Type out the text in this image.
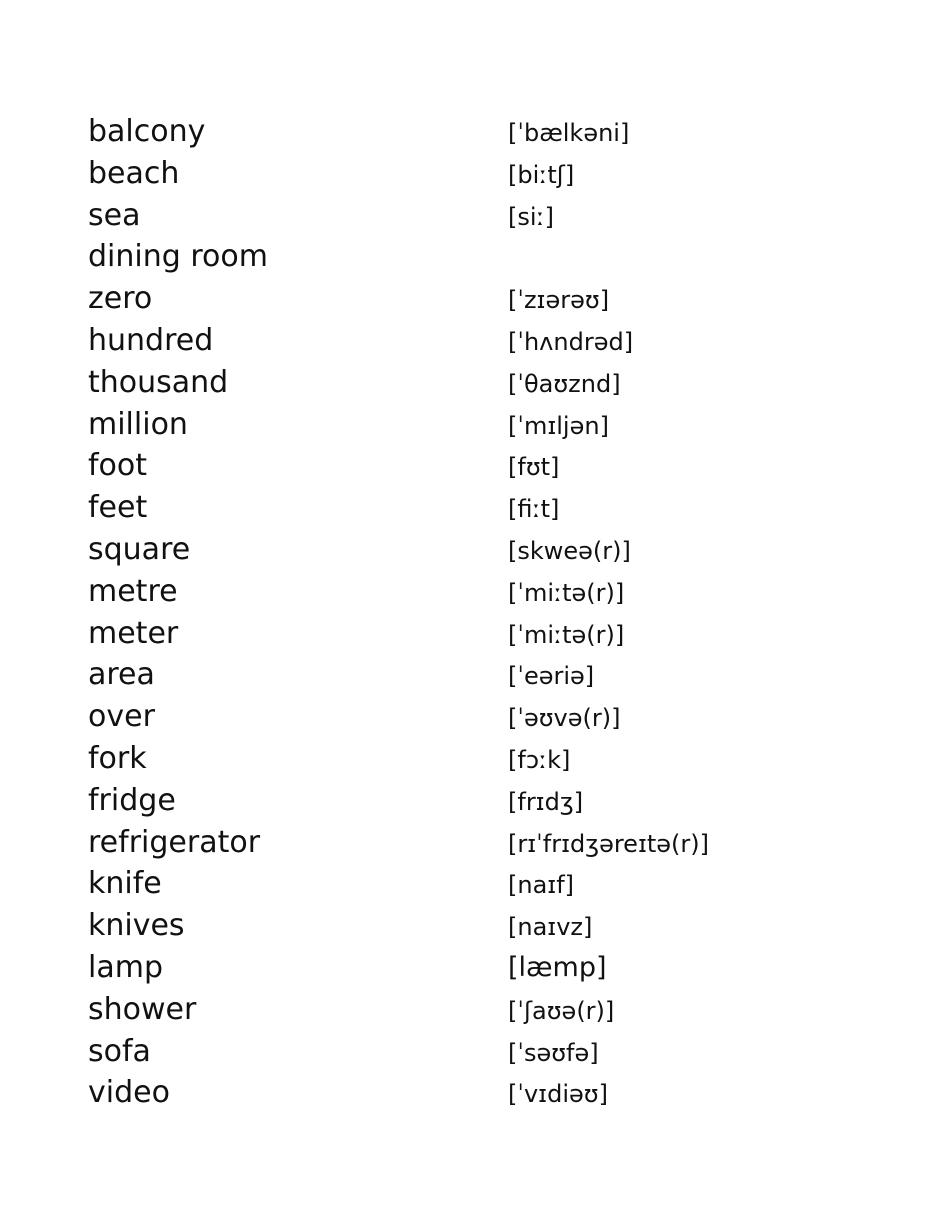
balcony	[ˈbælkəni]
beach	[biːtʃ]
sea	[siː]
dining room
zero	[ˈzɪərəʊ]
hundred	[ˈhʌndrəd]
thousand	[ˈθaʊznd]
million	[ˈmɪljən]
foot	[fʊt]
feet	[fiːt]
square	[skweə(r)]
metre	[ˈmiːtə(r)]
meter	[ˈmiːtə(r)]
area	[ˈeəriə]
over	[ˈəʊvə(r)]
fork	[fɔːk]
fridge	[frɪdʒ]
refrigerator	[rɪˈfrɪdʒəreɪtə(r)]
knife	[naɪf]
knives	[naɪvz]
lamp	[læmp]
shower	[ˈʃaʊə(r)]
sofa	[ˈsəʊfə]
video	[ˈvɪdiəʊ]
